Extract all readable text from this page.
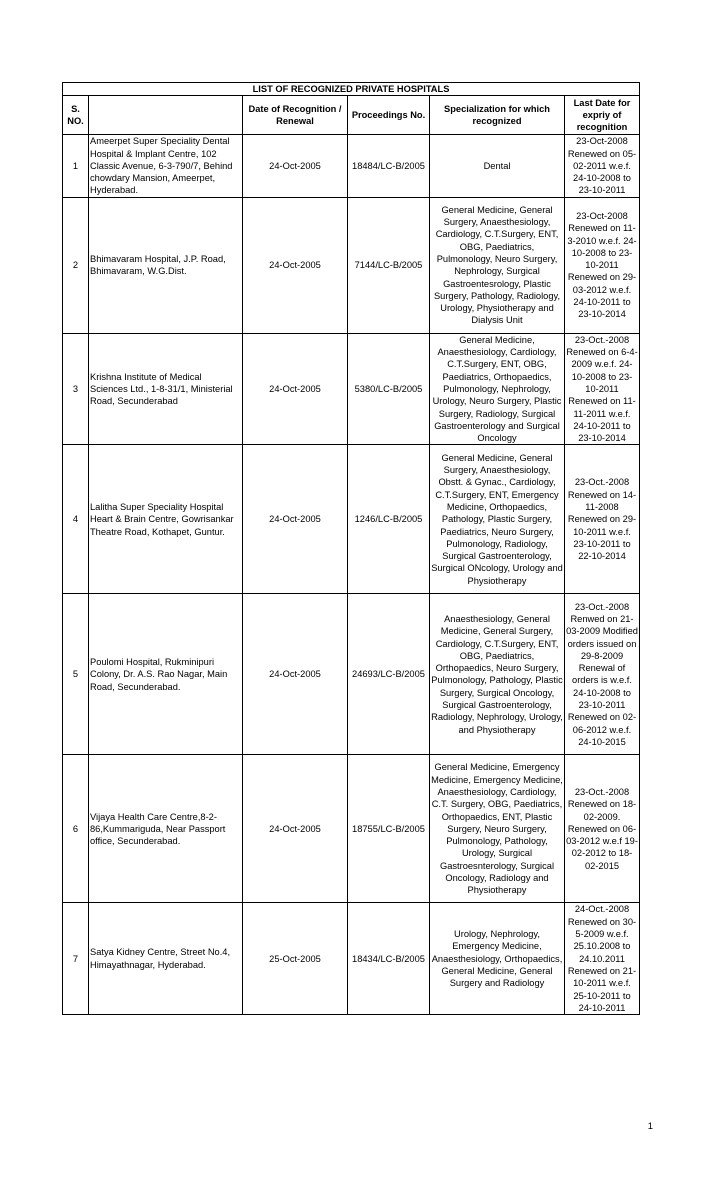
LIST OF RECOGNIZED PRIVATE HOSPITALS					
S. NO.		Date of Recognition / Renewal	Proceedings No.	Specialization for which recognized	Last Date for expriy of recognition
1	Ameerpet Super Speciality Dental Hospital & Implant Centre, 102 Classic Avenue, 6-3-790/7, Behind chowdary Mansion, Ameerpet, Hyderabad.	24-Oct-2005	18484/LC-B/2005	Dental	23-Oct-2008 Renewed on 05-02-2011 w.e.f. 24-10-2008 to 23-10-2011
2	Bhimavaram Hospital, J.P. Road, Bhimavaram, W.G.Dist.	24-Oct-2005	7144/LC-B/2005	General Medicine, General Surgery, Anaesthesiology, Cardiology, C.T.Surgery, ENT, OBG, Paediatrics, Pulmonology, Neuro Surgery, Nephrology, Surgical Gastroentesrology, Plastic Surgery, Pathology, Radiology, Urology, Physiotherapy and Dialysis Unit	23-Oct-2008 Renewed on 11-3-2010 w.e.f. 24-10-2008 to 23-10-2011 Renewed on 29-03-2012 w.e.f. 24-10-2011 to 23-10-2014
3	Krishna Institute of Medical Sciences Ltd., 1-8-31/1, Ministerial Road, Secunderabad	24-Oct-2005	5380/LC-B/2005	General Medicine, Anaesthesiology, Cardiology, C.T.Surgery, ENT, OBG, Paediatrics, Orthopaedics, Pulmonology, Nephrology, Urology, Neuro Surgery, Plastic Surgery, Radiology, Surgical Gastroenterology and Surgical Oncology	23-Oct.-2008 Renewed on 6-4-2009 w.e.f. 24-10-2008 to 23-10-2011 Renewed on 11-11-2011 w.e.f. 24-10-2011 to 23-10-2014
4	Lalitha Super Speciality Hospital Heart & Brain Centre, Gowrisankar Theatre Road, Kothapet, Guntur.	24-Oct-2005	1246/LC-B/2005	General Medicine, General Surgery, Anaesthesiology, Obstt. & Gynac., Cardiology, C.T.Surgery, ENT, Emergency Medicine, Orthopaedics, Pathology, Plastic Surgery, Paediatrics, Neuro Surgery, Pulmonology, Radiology, Surgical Gastroenterology, Surgical ONcology, Urology and Physiotherapy	23-Oct.-2008 Renewed on 14-11-2008 Renewed on 29-10-2011 w.e.f. 23-10-2011 to 22-10-2014
5	Poulomi Hospital, Rukminipuri Colony, Dr. A.S. Rao Nagar, Main Road, Secunderabad.	24-Oct-2005	24693/LC-B/2005	Anaesthesiology, General Medicine, General Surgery, Cardiology, C.T.Surgery, ENT, OBG, Paediatrics, Orthopaedics, Neuro Surgery, Pulmonology, Pathology, Plastic Surgery, Surgical Oncology, Surgical Gastroenterology, Radiology, Nephrology, Urology, and Physiotherapy	23-Oct.-2008 Renwed on 21-03-2009 Modified orders issued on 29-8-2009 Renewal of orders is w.e.f. 24-10-2008 to 23-10-2011 Renewed on 02-06-2012 w.e.f. 24-10-2015
6	Vijaya Health Care Centre,8-2-86,Kummariguda, Near Passport office, Secunderabad.	24-Oct-2005	18755/LC-B/2005	General Medicine, Emergency Medicine, Emergency Medicine, Anaesthesiology, Cardiology, C.T. Surgery, OBG, Paediatrics, Orthopaedics, ENT, Plastic Surgery, Neuro Surgery, Pulmonology, Pathology, Urology, Surgical Gastroesnterology, Surgical Oncology, Radiology and Physiotherapy	23-Oct.-2008 Renewed on 18-02-2009. Renewed on 06-03-2012 w.e.f 19-02-2012 to 18-02-2015
7	Satya Kidney Centre, Street No.4, Himayathnagar, Hyderabad.	25-Oct-2005	18434/LC-B/2005	Urology, Nephrology, Emergency Medicine, Anaesthesiology, Orthopaedics, General Medicine, General Surgery and Radiology	24-Oct.-2008 Renewed on 30-5-2009 w.e.f. 25.10.2008 to 24.10.2011 Renewed on 21-10-2011 w.e.f. 25-10-2011 to 24-10-2011
1
